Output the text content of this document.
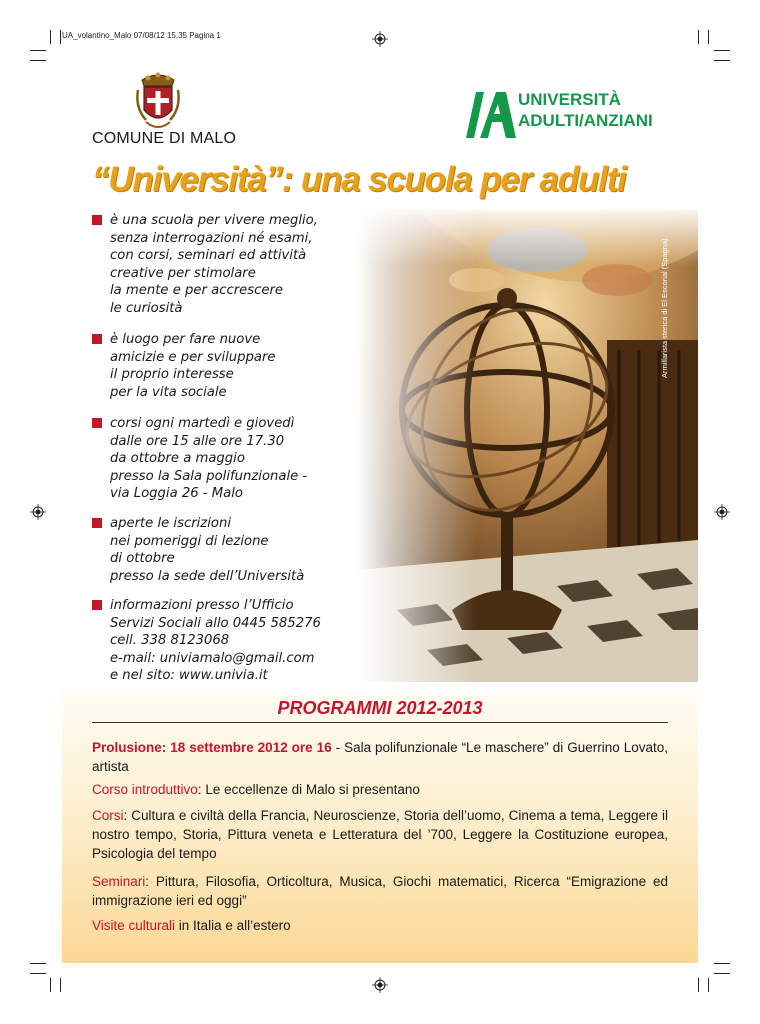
UA_volantino_Malo 07/08/12 15.35 Pagina 1
Armillarista sterica di El Escorial (Spagna)
COMUNE DI MALO
UNIVERSITÀ
ADULTI/ANZIANI
“Università”: una scuola per adulti
è una scuola per vivere meglio,
senza interrogazioni né esami,
con corsi, seminari ed attività
creative per stimolare
la mente e per accrescere
le curiosità
è luogo per fare nuove
amicizie e per sviluppare
il proprio interesse
per la vita sociale
corsi ogni martedì e giovedì
dalle ore 15 alle ore 17.30
da ottobre a maggio
presso la Sala polifunzionale -
via Loggia 26 - Malo
aperte le iscrizioni
nei pomeriggi di lezione
di ottobre
presso la sede dell’Università
informazioni presso l’Ufficio
Servizi Sociali allo 0445 585276
cell. 338 8123068
e-mail: univiamalo@gmail.com
e nel sito: www.univia.it
PROGRAMMI 2012-2013
Prolusione: 18 settembre 2012 ore 16 - Sala polifunzionale “Le maschere” di Guerrino Lovato, artista
Corso introduttivo: Le eccellenze di Malo si presentano
Corsi: Cultura e civiltà della Francia, Neuroscienze, Storia dell’uomo, Cinema a tema, Leggere il nostro tempo, Storia, Pittura veneta e Letteratura del ’700, Leggere la Costituzione europea, Psicologia del tempo
Seminari: Pittura, Filosofia, Orticoltura, Musica, Giochi matematici, Ricerca “Emigrazione ed immigrazione ieri ed oggi”
Visite culturali in Italia e all’estero
